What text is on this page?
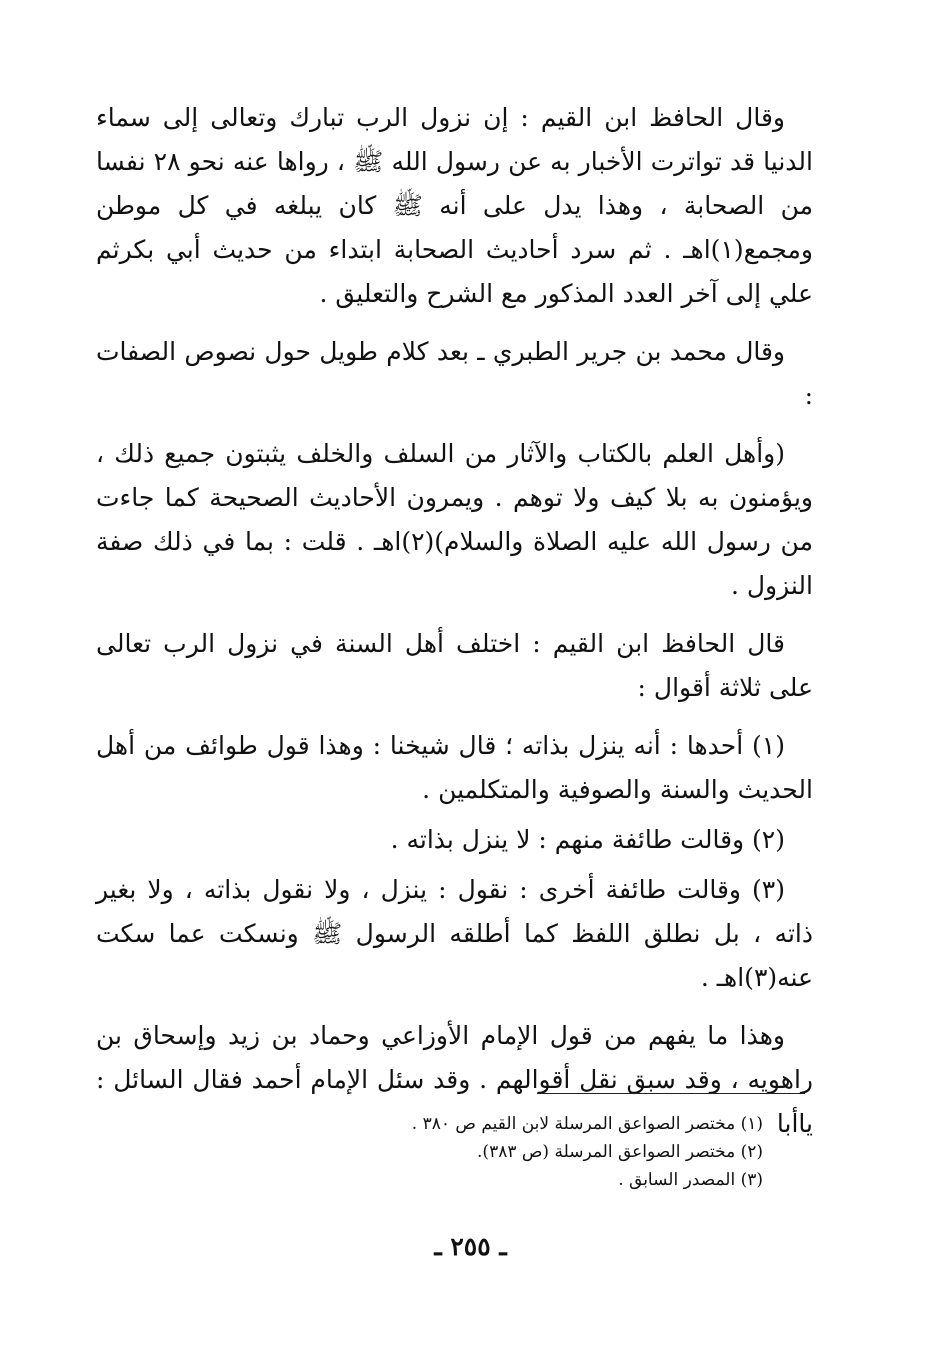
وقال الحافظ ابن القيم : إن نزول الرب تبارك وتعالى إلى سماء الدنيا قد تواترت الأخبار به عن رسول الله ﷺ ، رواها عنه نحو ٢٨ نفسا من الصحابة ، وهذا يدل على أنه ﷺ كان يبلغه في كل موطن ومجمع(١)اهـ . ثم سرد أحاديث الصحابة ابتداء من حديث أبي بكرثم علي إلى آخر العدد المذكور مع الشرح والتعليق .

وقال محمد بن جرير الطبري ـ بعد كلام طويل حول نصوص الصفات :

(وأهل العلم بالكتاب والآثار من السلف والخلف يثبتون جميع ذلك ، ويؤمنون به بلا كيف ولا توهم . ويمرون الأحاديث الصحيحة كما جاءت من رسول الله عليه الصلاة والسلام)(٢)اهـ . قلت : بما في ذلك صفة النزول .

قال الحافظ ابن القيم : اختلف أهل السنة في نزول الرب تعالى على ثلاثة أقوال :

(١) أحدها : أنه ينزل بذاته ؛ قال شيخنا : وهذا قول طوائف من أهل الحديث والسنة والصوفية والمتكلمين .

(٢) وقالت طائفة منهم : لا ينزل بذاته .

(٣) وقالت طائفة أخرى : نقول : ينزل ، ولا نقول بذاته ، ولا بغير ذاته ، بل نطلق اللفظ كما أطلقه الرسول ﷺ ونسكت عما سكت عنه(٣)اهـ .

وهذا ما يفهم من قول الإمام الأوزاعي وحماد بن زيد وإسحاق بن راهويه ، وقد سبق نقل أقوالهم . وقد سئل الإمام أحمد فقال السائل : ياأبا

(١) مختصر الصواعق المرسلة لابن القيم ص ٣٨٠ .
(٢) مختصر الصواعق المرسلة (ص ٣٨٣).
(٣) المصدر السابق .
ـ ٢٥٥ ـ
